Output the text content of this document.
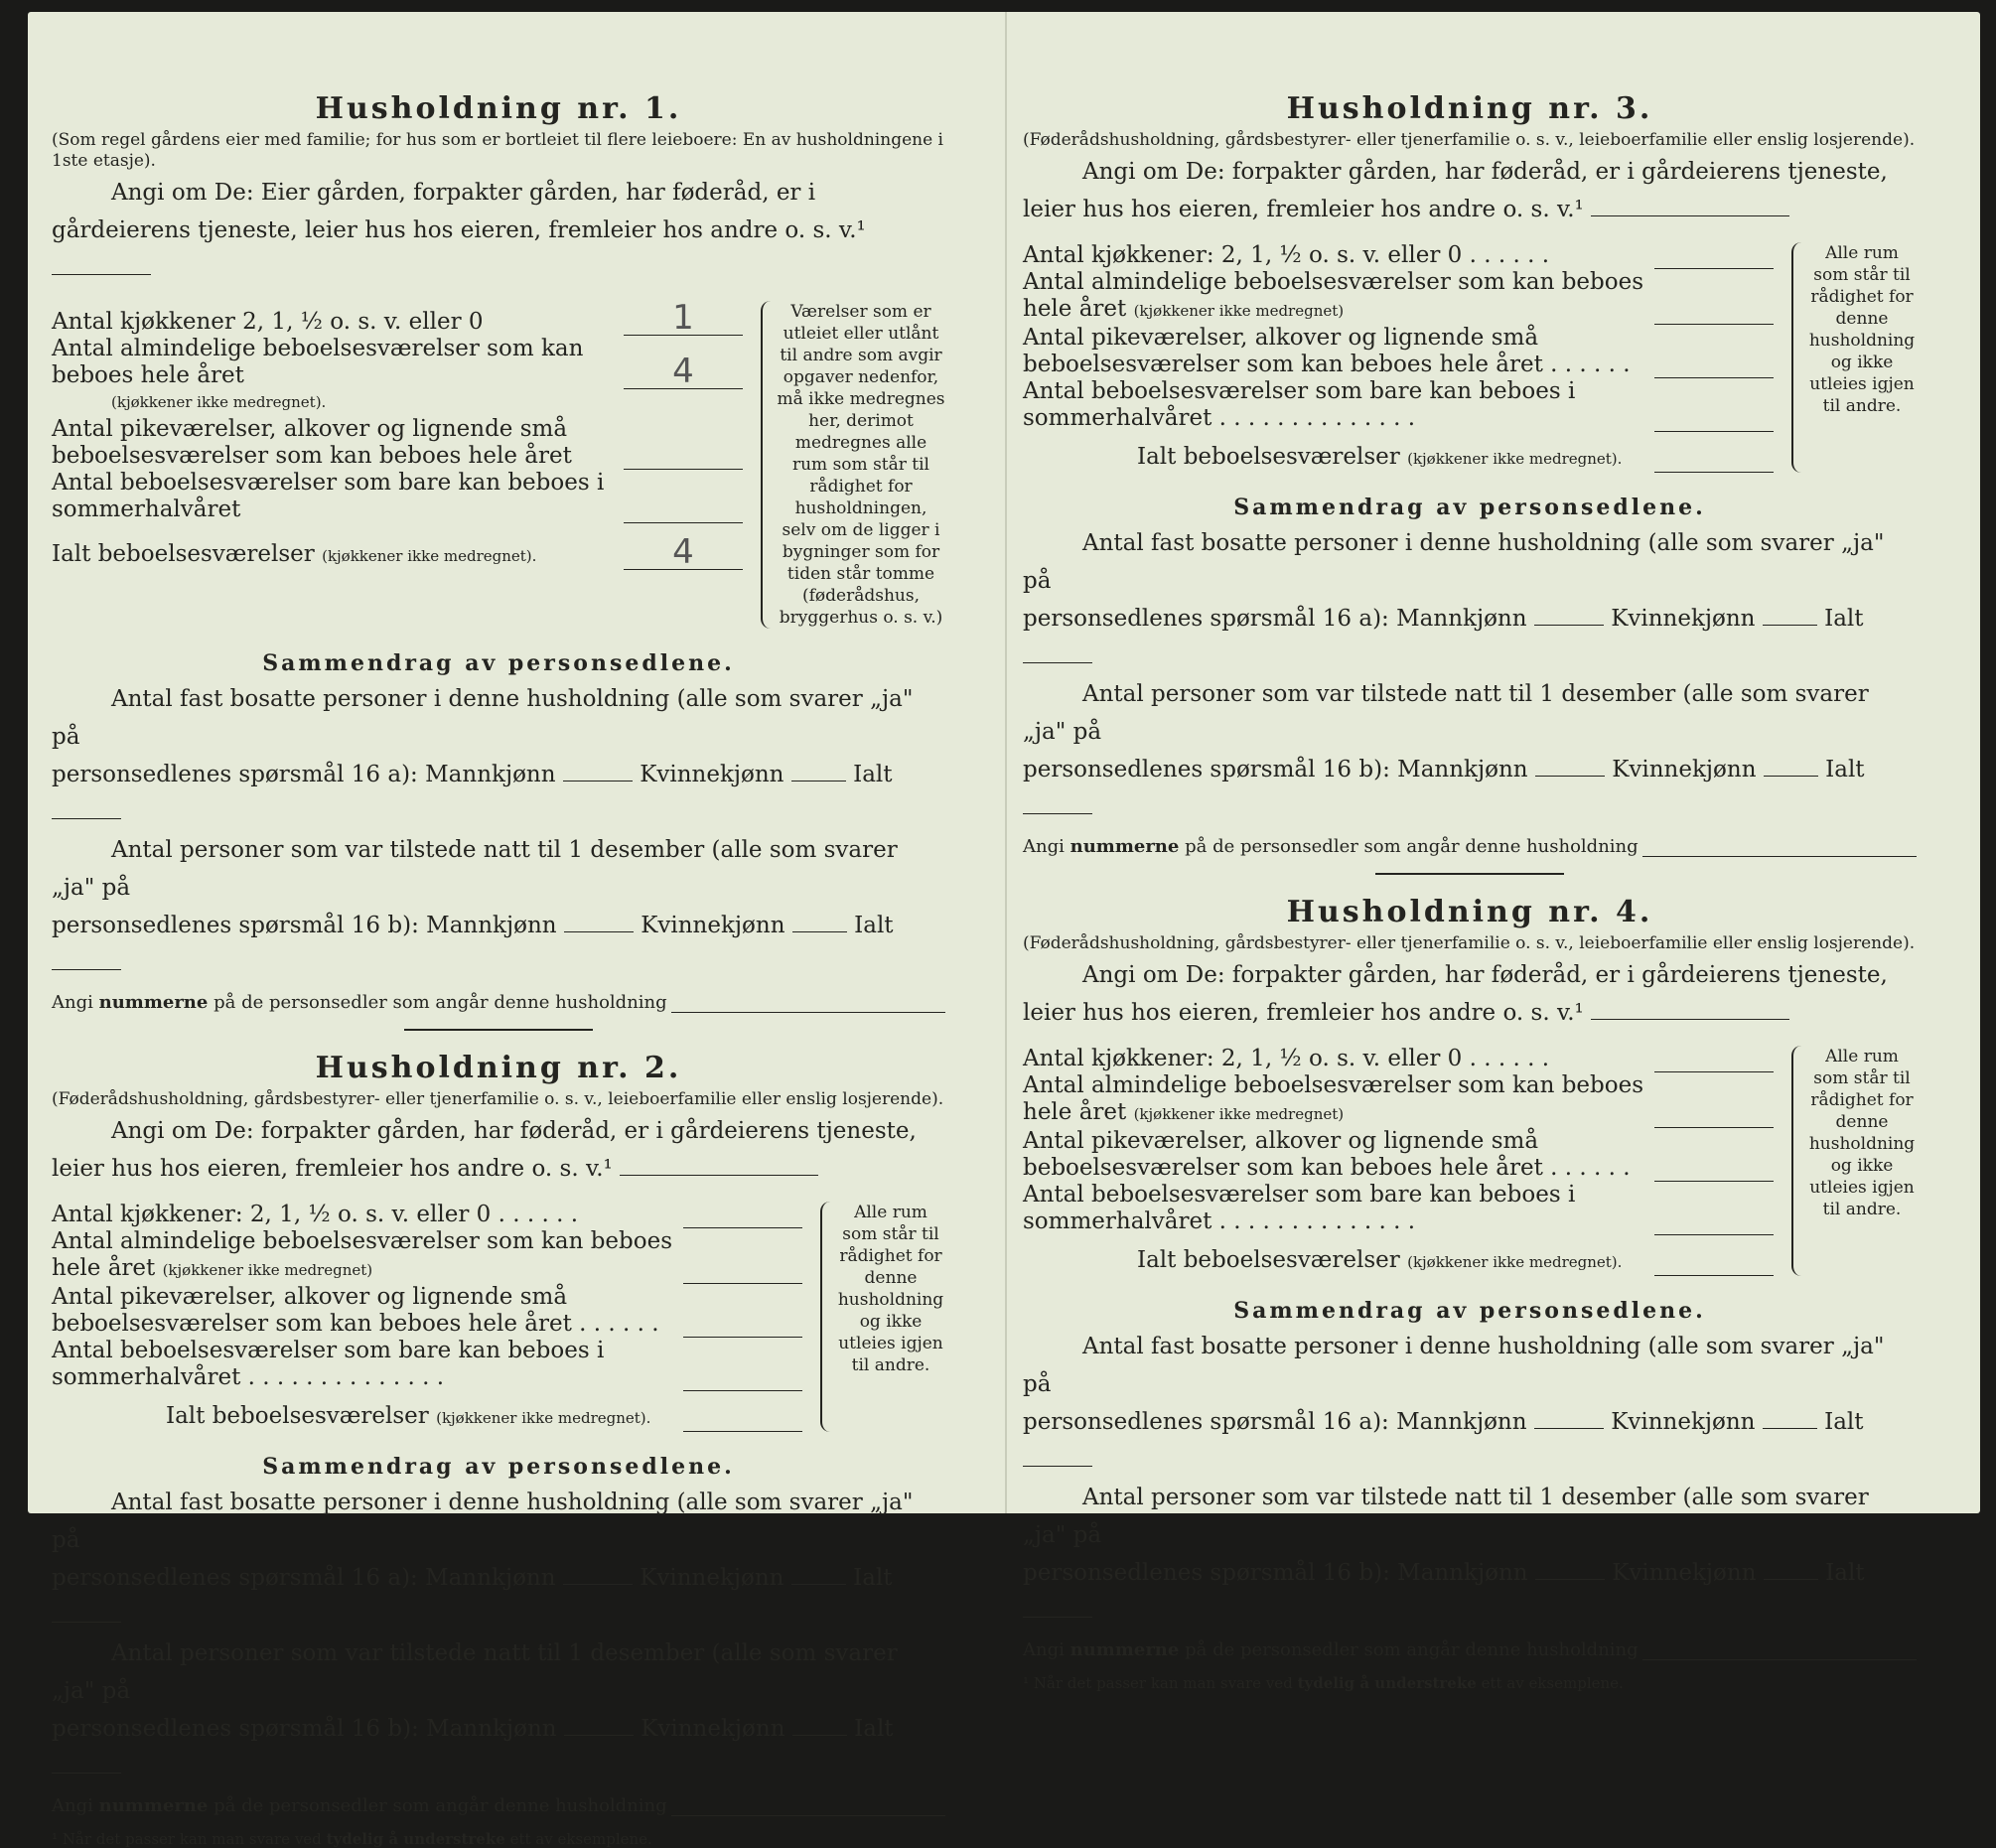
Husholdning nr. 1.

(Som regel gårdens eier med familie; for hus som er bortleiet til flere leieboere: En av husholdningene i 1ste etasje).

Angi om De: Eier gården, forpakter gården, har føderåd, er i gårdeierens tjeneste, leier hus hos eieren, fremleier hos andre o. s. v.¹

Antal kjøkkener 2, 1, ½ o. s. v. eller 0	1
Antal almindelige beboelsesværelser som kan beboes hele året	4
(kjøkkener ikke medregnet).
Antal pikeværelser, alkover og lignende små beboelsesværelser som kan beboes hele året
Antal beboelsesværelser som bare kan beboes i sommerhalvåret
Ialt beboelsesværelser (kjøkkener ikke medregnet).	4
Værelser som er utleiet eller utlånt til andre som avgir opgaver nedenfor, må ikke medregnes her, derimot medregnes alle rum som står til rådighet for husholdningen, selv om de ligger i bygninger som for tiden står tomme (føderådshus, bryggerhus o. s. v.)
Sammendrag av personsedlene.

Antal fast bosatte personer i denne husholdning (alle som svarer „ja" på

personsedlenes spørsmål 16 a): Mannkjønn	Kvinnekjønn	Ialt

Antal personer som var tilstede natt til 1 desember (alle som svarer „ja" på

personsedlenes spørsmål 16 b): Mannkjønn	Kvinnekjønn	Ialt

Angi
nummerne
på de personsedler som angår denne husholdning
Husholdning nr. 2.

(Føderådshusholdning, gårdsbestyrer- eller tjenerfamilie o. s. v., leieboerfamilie eller enslig losjerende).

Angi om De: forpakter gården, har føderåd, er i gårdeierens tjeneste, leier hus hos eieren, fremleier hos andre o. s. v.¹

Antal kjøkkener: 2, 1, ½ o. s. v. eller 0 . . . . . .
Antal almindelige beboelsesværelser som kan beboes hele året (kjøkkener ikke medregnet)
Antal pikeværelser, alkover og lignende små beboelsesværelser som kan beboes hele året . . . . . .
Antal beboelsesværelser som bare kan beboes i sommerhalvåret . . . . . . . . . . . . . .
Ialt beboelsesværelser (kjøkkener ikke medregnet).
Alle rum som står til rådighet for denne husholdning og ikke utleies igjen til andre.
Sammendrag av personsedlene.

Antal fast bosatte personer i denne husholdning (alle som svarer „ja" på

personsedlenes spørsmål 16 a): Mannkjønn	Kvinnekjønn	Ialt

Antal personer som var tilstede natt til 1 desember (alle som svarer „ja" på

personsedlenes spørsmål 16 b): Mannkjønn	Kvinnekjønn	Ialt

Angi
nummerne
på de personsedler som angår denne husholdning
¹ Når det passer kan man svare ved tydelig å understreke ett av eksemplene.
Husholdning nr. 3.

(Føderådshusholdning, gårdsbestyrer- eller tjenerfamilie o. s. v., leieboerfamilie eller enslig losjerende).

Angi om De: forpakter gården, har føderåd, er i gårdeierens tjeneste, leier hus hos eieren, fremleier hos andre o. s. v.¹

Antal kjøkkener: 2, 1, ½ o. s. v. eller 0 . . . . . .
Antal almindelige beboelsesværelser som kan beboes hele året (kjøkkener ikke medregnet)
Antal pikeværelser, alkover og lignende små beboelsesværelser som kan beboes hele året . . . . . .
Antal beboelsesværelser som bare kan beboes i sommerhalvåret . . . . . . . . . . . . . .
Ialt beboelsesværelser (kjøkkener ikke medregnet).
Alle rum som står til rådighet for denne husholdning og ikke utleies igjen til andre.
Sammendrag av personsedlene.

Antal fast bosatte personer i denne husholdning (alle som svarer „ja" på

personsedlenes spørsmål 16 a): Mannkjønn	Kvinnekjønn	Ialt

Antal personer som var tilstede natt til 1 desember (alle som svarer „ja" på

personsedlenes spørsmål 16 b): Mannkjønn	Kvinnekjønn	Ialt

Angi
nummerne
på de personsedler som angår denne husholdning
Husholdning nr. 4.

(Føderådshusholdning, gårdsbestyrer- eller tjenerfamilie o. s. v., leieboerfamilie eller enslig losjerende).

Angi om De: forpakter gården, har føderåd, er i gårdeierens tjeneste, leier hus hos eieren, fremleier hos andre o. s. v.¹

Antal kjøkkener: 2, 1, ½ o. s. v. eller 0 . . . . . .
Antal almindelige beboelsesværelser som kan beboes hele året (kjøkkener ikke medregnet)
Antal pikeværelser, alkover og lignende små beboelsesværelser som kan beboes hele året . . . . . .
Antal beboelsesværelser som bare kan beboes i sommerhalvåret . . . . . . . . . . . . . .
Ialt beboelsesværelser (kjøkkener ikke medregnet).
Alle rum som står til rådighet for denne husholdning og ikke utleies igjen til andre.
Sammendrag av personsedlene.

Antal fast bosatte personer i denne husholdning (alle som svarer „ja" på

personsedlenes spørsmål 16 a): Mannkjønn	Kvinnekjønn	Ialt

Antal personer som var tilstede natt til 1 desember (alle som svarer „ja" på

personsedlenes spørsmål 16 b): Mannkjønn	Kvinnekjønn	Ialt

Angi
nummerne
på de personsedler som angår denne husholdning
¹ Når det passer kan man svare ved tydelig å understreke ett av eksemplene.
